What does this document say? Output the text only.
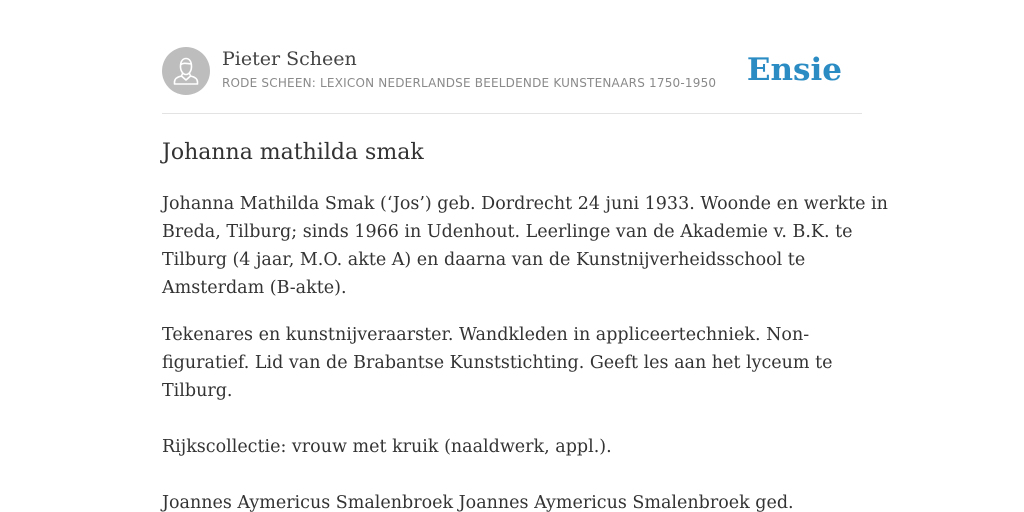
Pieter Scheen
RODE SCHEEN: LEXICON NEDERLANDSE BEELDENDE KUNSTENAARS 1750-1950 Ensie
Johanna mathilda smak

Johanna Mathilda Smak (‘Jos’) geb. Dordrecht 24 juni 1933. Woonde en werkte in
Breda, Tilburg; sinds 1966 in Udenhout. Leerlinge van de Akademie v. B.K. te
Tilburg (4 jaar, M.O. akte A) en daarna van de Kunstnijverheidsschool te
Amsterdam (B-akte).

Tekenares en kunstnijveraarster. Wandkleden in appliceertechniek. Non-
figuratief. Lid van de Brabantse Kunststichting. Geeft les aan het lyceum te
Tilburg.

Rijkscollectie: vrouw met kruik (naaldwerk, appl.).

Joannes Aymericus Smalenbroek Joannes Aymericus Smalenbroek ged.
